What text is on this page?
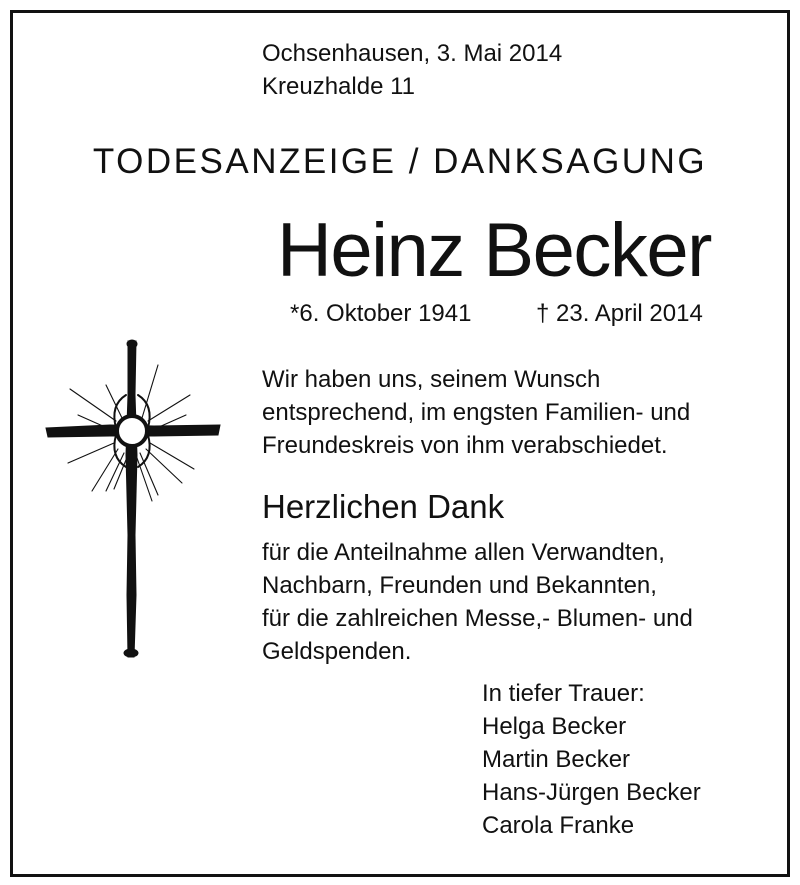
Ochsenhausen, 3. Mai 2014

Kreuzhalde 11

TODESANZEIGE / DANKSAGUNG

Heinz Becker

*6. Oktober 1941	† 23. April 2014

Wir haben uns, seinem Wunsch
entsprechend, im engsten Familien- und
Freundeskreis von ihm verabschiedet.

Herzlichen Dank

für die Anteilnahme allen Verwandten,
Nachbarn, Freunden und Bekannten,
für die zahlreichen Messe,- Blumen- und
Geldspenden.
In tiefer Trauer:
Helga Becker
Martin Becker
Hans-Jürgen Becker
Carola Franke
